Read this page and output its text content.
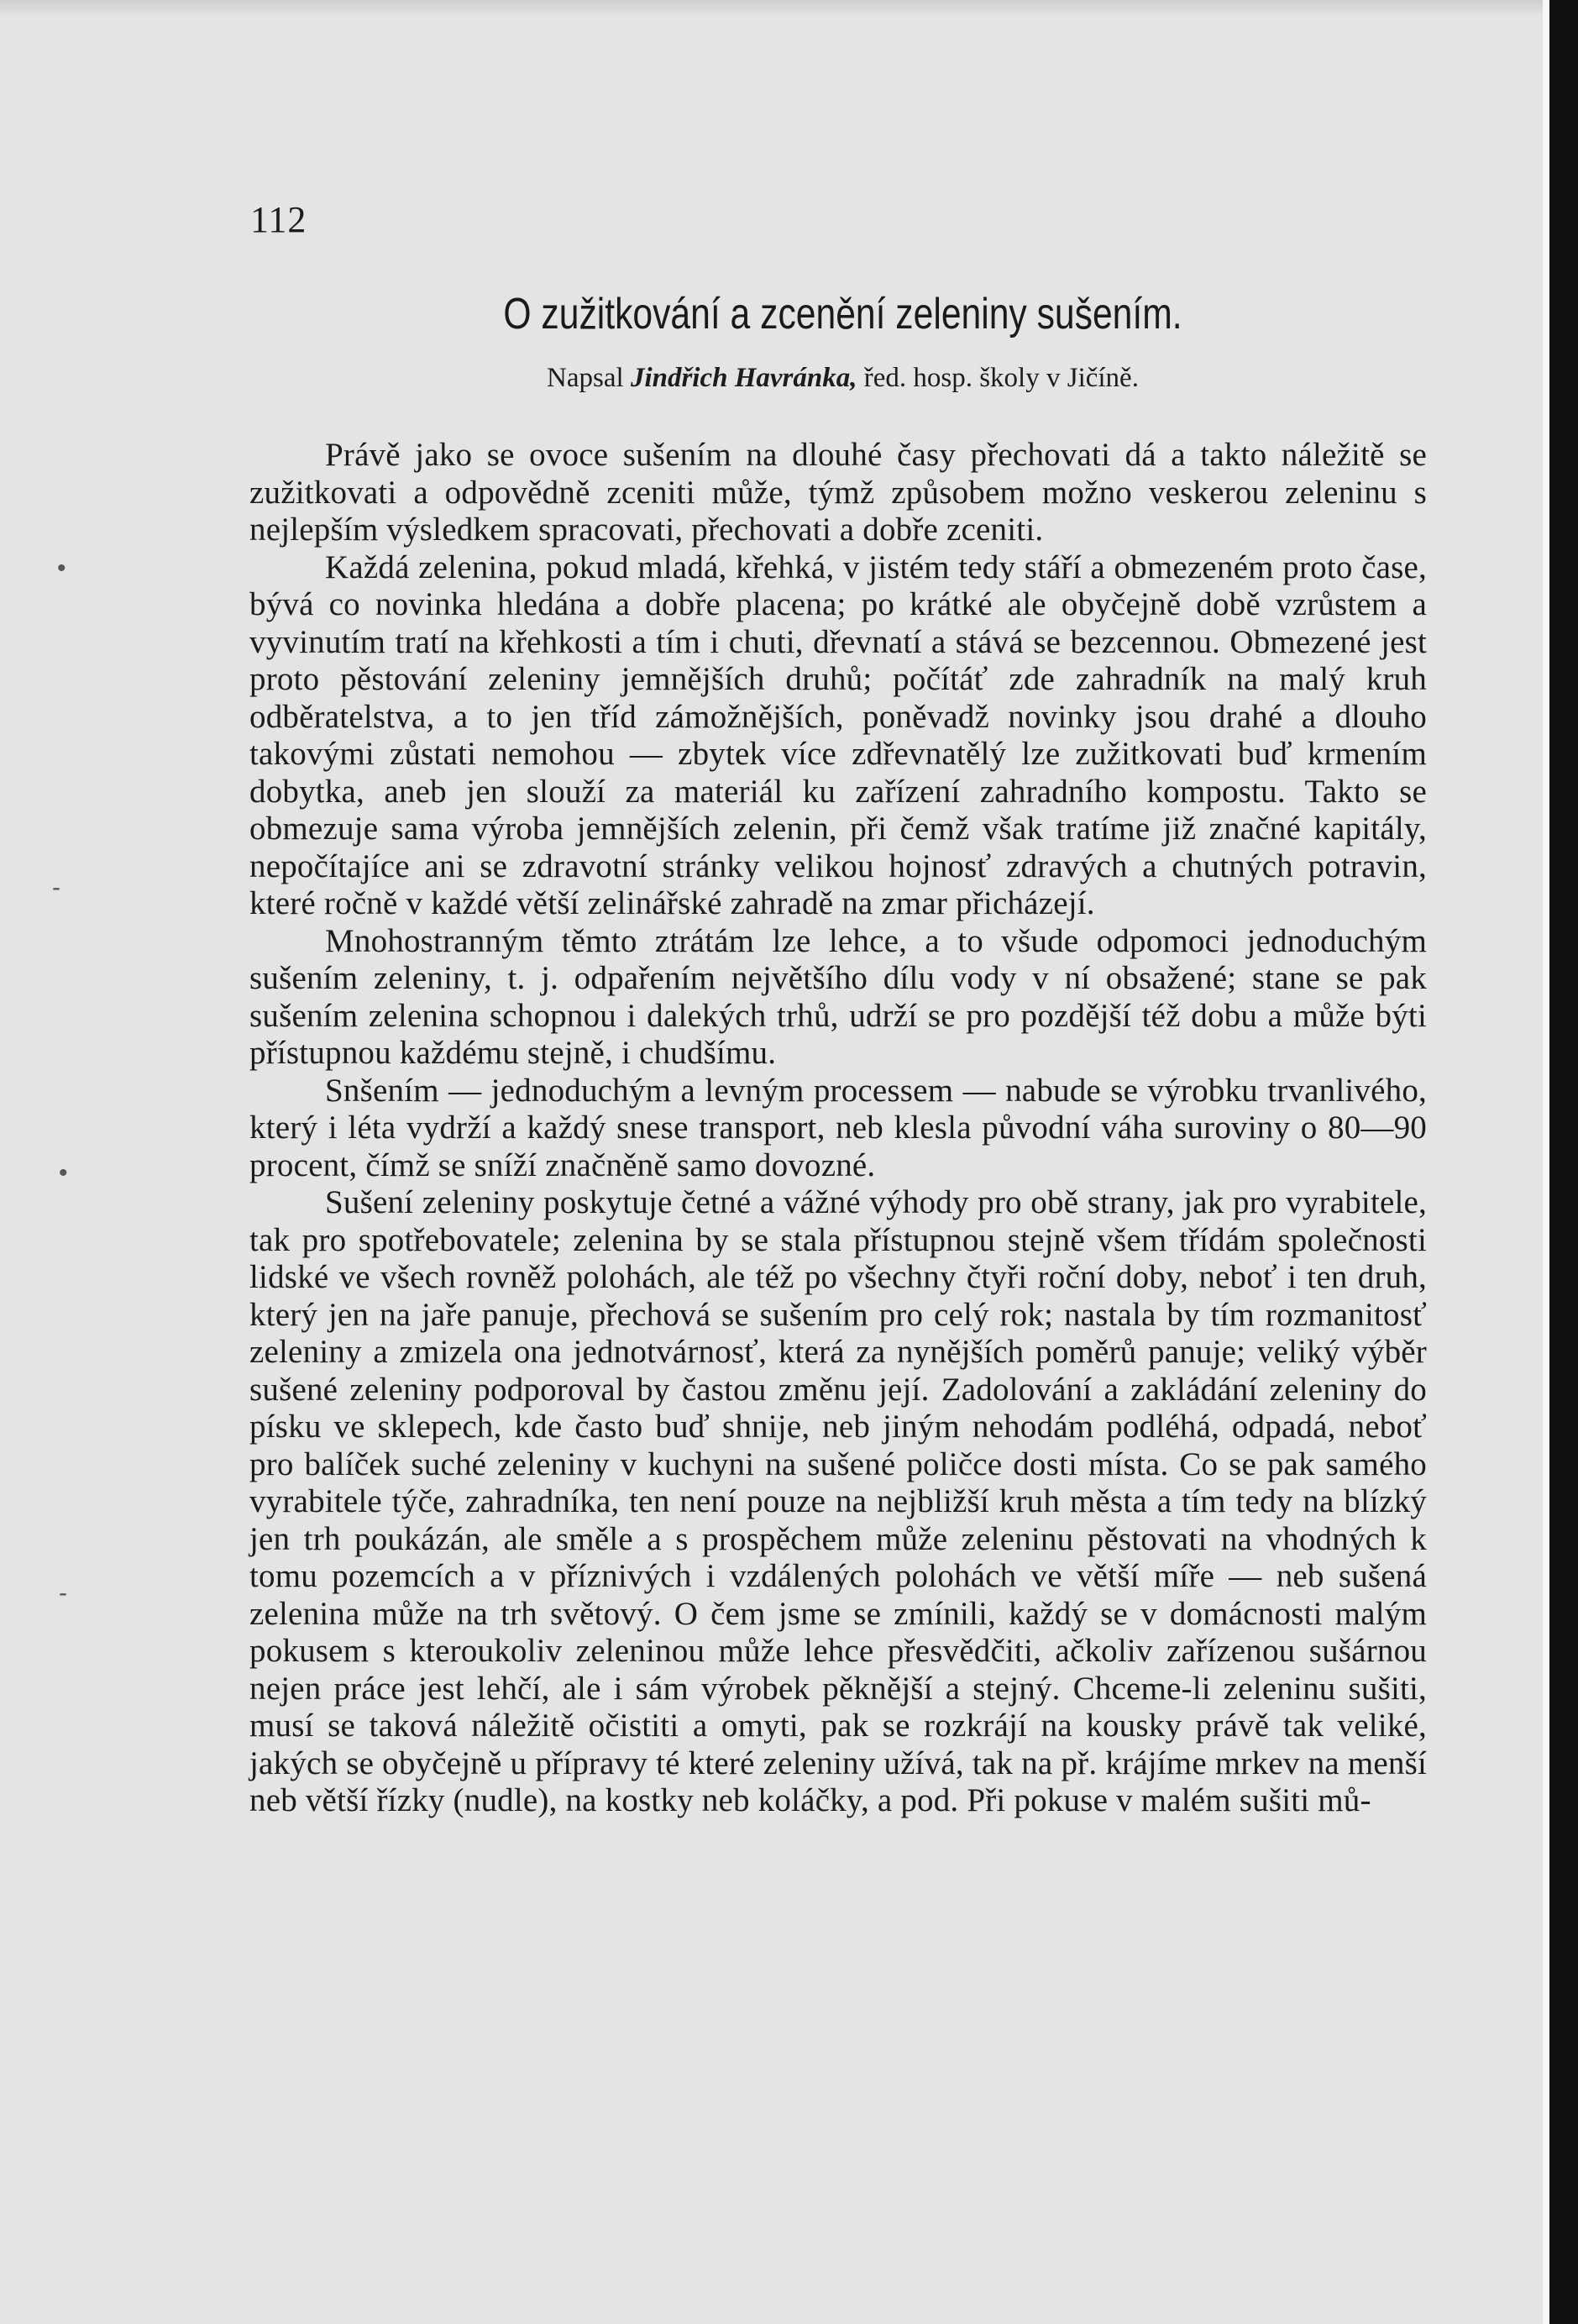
•
-
•
-
112
O zužitkování a zcenění zeleniny sušením.
Napsal Jindřich Havránka, řed. hosp. školy v Jičíně.

Právě jako se ovoce sušením na dlouhé časy přechovati dá a takto náležitě se zužitkovati a odpovědně zceniti může, týmž způsobem možno veskerou zeleninu s nejlepším výsledkem spracovati, přechovati a dobře zceniti.

Každá zelenina, pokud mladá, křehká, v jistém tedy stáří a obmezeném proto čase, bývá co novinka hledána a dobře placena; po krátké ale obyčejně době vzrůstem a vyvinutím tratí na křehkosti a tím i chuti, dřevnatí a stává se bezcennou. Obmezené jest proto pěstování zeleniny jemnějších druhů; počítáť zde zahradník na malý kruh odběratelstva, a to jen tříd zámožnějších, poněvadž novinky jsou drahé a dlouho takovými zůstati nemohou — zbytek více zdřevnatělý lze zužitkovati buď krmením dobytka, aneb jen slouží za materiál ku zařízení zahradního kompostu. Takto se obmezuje sama výroba jemnějších zelenin, při čemž však tratíme již značné kapitály, nepočítajíce ani se zdravotní stránky velikou hojnosť zdravých a chutných potravin, které ročně v každé větší zelinářské zahradě na zmar přicházejí.

Mnohostranným těmto ztrátám lze lehce, a to všude odpomoci jednoduchým sušením zeleniny, t. j. odpařením největšího dílu vody v ní obsažené; stane se pak sušením zelenina schopnou i dalekých trhů, udrží se pro pozdější též dobu a může býti přístupnou každému stejně, i chudšímu.

Snšením — jednoduchým a levným processem — nabude se výrobku trvanlivého, který i léta vydrží a každý snese transport, neb klesla původní váha suroviny o 80—90 procent, čímž se sníží značněně samo dovozné.

Sušení zeleniny poskytuje četné a vážné výhody pro obě strany, jak pro vyrabitele, tak pro spotřebovatele; zelenina by se stala přístupnou stejně všem třídám společnosti lidské ve všech rovněž polohách, ale též po všechny čtyři roční doby, neboť i ten druh, který jen na jaře panuje, přechová se sušením pro celý rok; nastala by tím rozmanitosť zeleniny a zmizela ona jednotvárnosť, která za nynějších poměrů panuje; veliký výběr sušené zeleniny podporoval by častou změnu její. Zadolování a zakládání zeleniny do písku ve sklepech, kde často buď shnije, neb jiným nehodám podléhá, odpadá, neboť pro balíček suché zeleniny v kuchyni na sušené poličce dosti místa. Co se pak samého vyrabitele týče, zahradníka, ten není pouze na nejbližší kruh města a tím tedy na blízký jen trh poukázán, ale směle a s prospěchem může zeleninu pěstovati na vhodných k tomu pozemcích a v příznivých i vzdálených polohách ve větší míře — neb sušená zelenina může na trh světový. O čem jsme se zmínili, každý se v domácnosti malým pokusem s kteroukoliv zeleninou může lehce přesvědčiti, ačkoliv zařízenou sušárnou nejen práce jest lehčí, ale i sám výrobek pěknější a stejný. Chceme-li zeleninu sušiti, musí se taková náležitě očistiti a omyti, pak se rozkrájí na kousky právě tak veliké, jakých se obyčejně u přípravy té které zeleniny užívá, tak na př. krájíme mrkev na menší neb větší řízky (nudle), na kostky neb koláčky, a pod. Při pokuse v malém sušiti mů-
